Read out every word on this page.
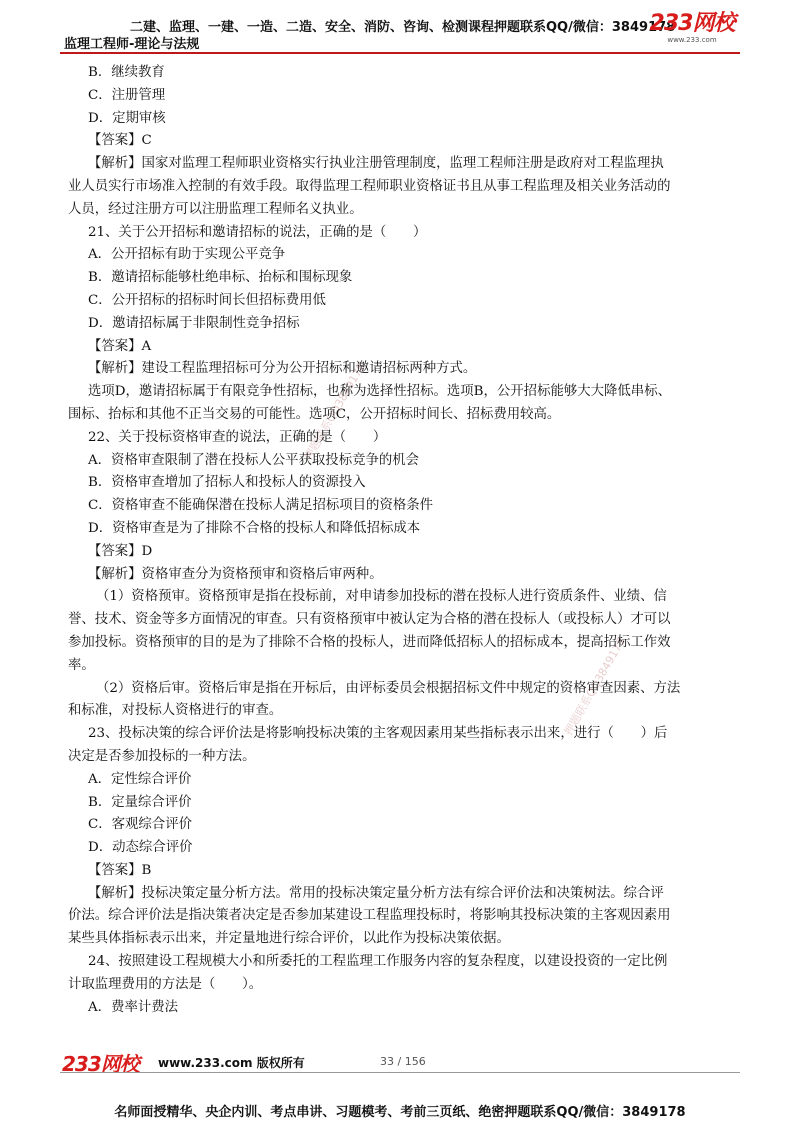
二建、监理、一建、一造、二造、安全、消防、咨询、检测课程押题联系QQ/微信：3849178
监理工程师-理论与法规
233网校
www.233.com
押题联系QQ3849178
押题联系QQ3849178

B．继续教育

C．注册管理

D．定期审核

【答案】C

【解析】国家对监理工程师职业资格实行执业注册管理制度，监理工程师注册是政府对工程监理执

业人员实行市场准入控制的有效手段。取得监理工程师职业资格证书且从事工程监理及相关业务活动的

人员，经过注册方可以注册监理工程师名义执业。

21、关于公开招标和邀请招标的说法，正确的是（　　）

A．公开招标有助于实现公平竞争

B．邀请招标能够杜绝串标、抬标和围标现象

C．公开招标的招标时间长但招标费用低

D．邀请招标属于非限制性竞争招标

【答案】A

【解析】建设工程监理招标可分为公开招标和邀请招标两种方式。

选项D，邀请招标属于有限竞争性招标，也称为选择性招标。选项B，公开招标能够大大降低串标、

围标、抬标和其他不正当交易的可能性。选项C，公开招标时间长、招标费用较高。

22、关于投标资格审查的说法，正确的是（　　）

A．资格审查限制了潜在投标人公平获取投标竞争的机会

B．资格审查增加了招标人和投标人的资源投入

C．资格审查不能确保潜在投标人满足招标项目的资格条件

D．资格审查是为了排除不合格的投标人和降低招标成本

【答案】D

【解析】资格审查分为资格预审和资格后审两种。

（1）资格预审。资格预审是指在投标前，对申请参加投标的潜在投标人进行资质条件、业绩、信

誉、技术、资金等多方面情况的审查。只有资格预审中被认定为合格的潜在投标人（或投标人）才可以

参加投标。资格预审的目的是为了排除不合格的投标人，进而降低招标人的招标成本，提高招标工作效

率。

（2）资格后审。资格后审是指在开标后，由评标委员会根据招标文件中规定的资格审查因素、方法

和标准，对投标人资格进行的审查。

23、投标决策的综合评价法是将影响投标决策的主客观因素用某些指标表示出来，进行（　　）后

决定是否参加投标的一种方法。

A．定性综合评价

B．定量综合评价

C．客观综合评价

D．动态综合评价

【答案】B

【解析】投标决策定量分析方法。常用的投标决策定量分析方法有综合评价法和决策树法。综合评

价法。综合评价法是指决策者决定是否参加某建设工程监理投标时，将影响其投标决策的主客观因素用

某些具体指标表示出来，并定量地进行综合评价，以此作为投标决策依据。

24、按照建设工程规模大小和所委托的工程监理工作服务内容的复杂程度，以建设投资的一定比例

计取监理费用的方法是（　　）。

A．费率计费法

233网校 www.233.com 版权所有	33 / 156
名师面授精华、央企内训、考点串讲、习题模考、考前三页纸、绝密押题联系QQ/微信：3849178
